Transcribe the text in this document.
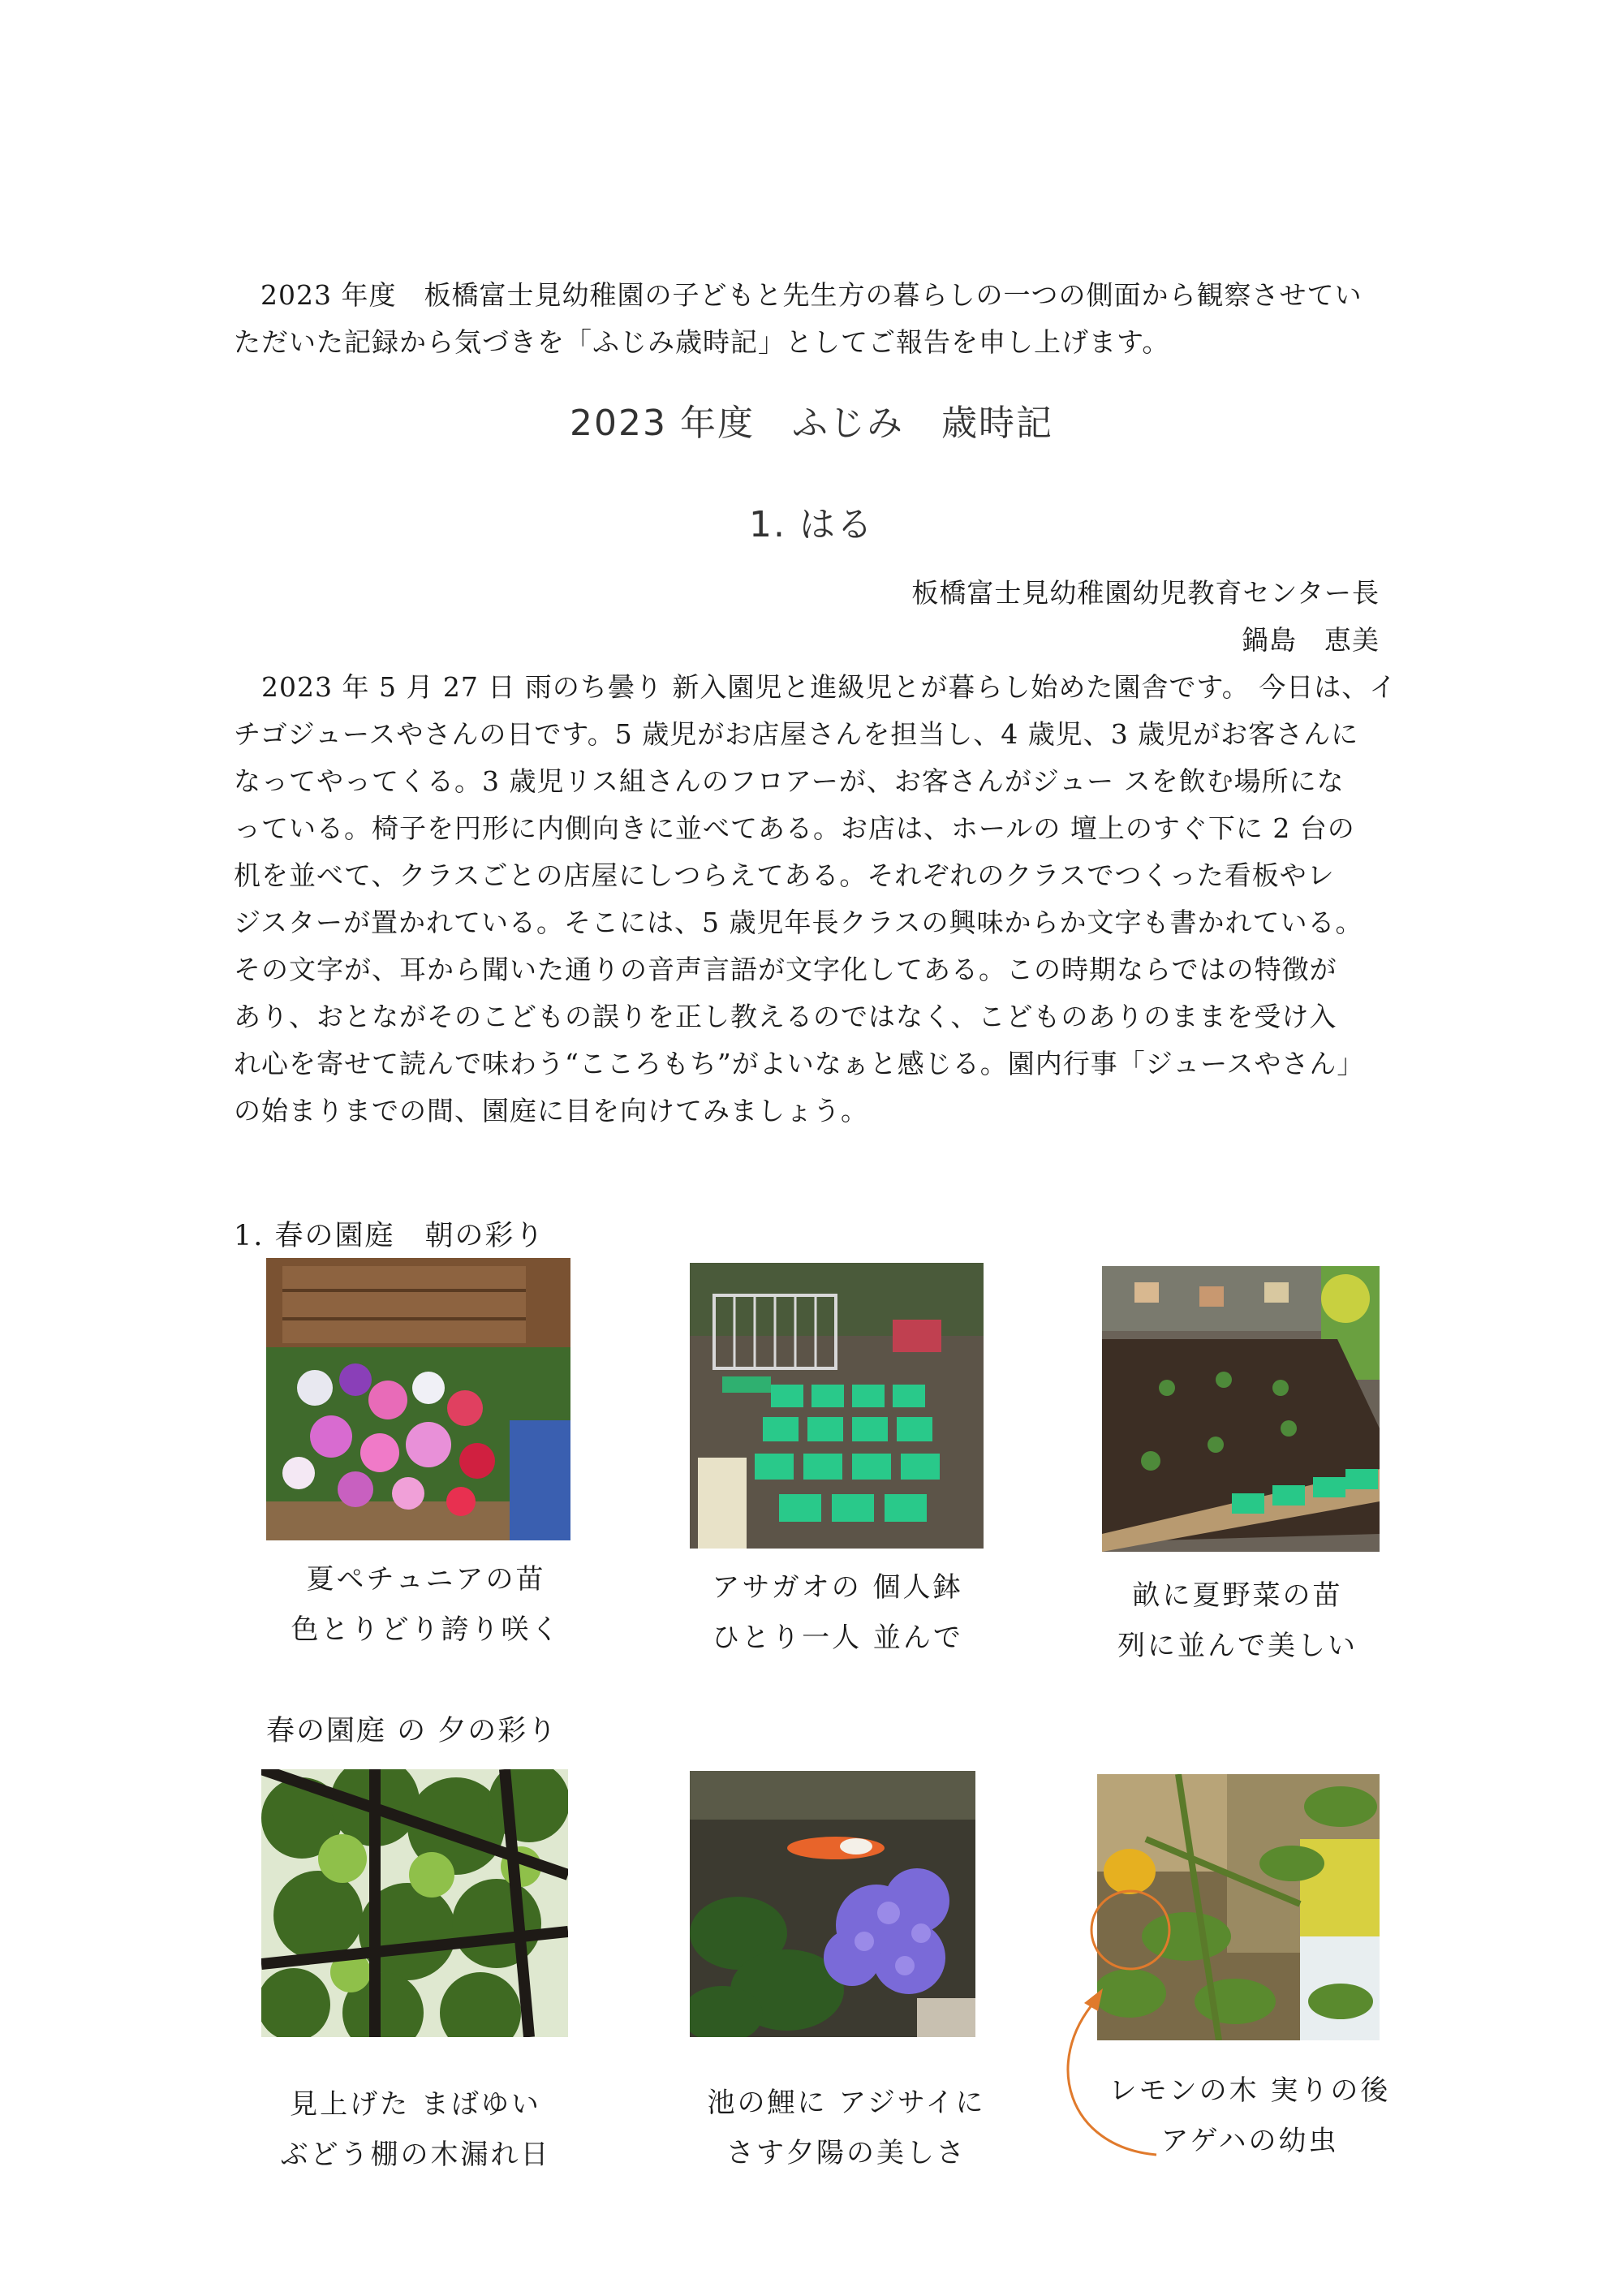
2023 年度　板橋富士見幼稚園の子どもと先生方の暮らしの一つの側面から観察させてい
ただいた記録から気づきを「ふじみ歳時記」としてご報告を申し上げます。
2023 年度　ふじみ　歳時記
1. はる
板橋富士見幼稚園幼児教育センター長
鍋島　恵美
　2023 年 5 月 27 日 雨のち曇り 新入園児と進級児とが暮らし始めた園舎です。 今日は、イ
チゴジュースやさんの日です。5 歳児がお店屋さんを担当し、4 歳児、3 歳児がお客さんに
なってやってくる。3 歳児リス組さんのフロアーが、お客さんがジュー スを飲む場所にな
っている。椅子を円形に内側向きに並べてある。お店は、ホールの 壇上のすぐ下に 2 台の
机を並べて、クラスごとの店屋にしつらえてある。それぞれのクラスでつくった看板やレ
ジスターが置かれている。そこには、5 歳児年長クラスの興味からか文字も書かれている。
その文字が、耳から聞いた通りの音声言語が文字化してある。この時期ならではの特徴が
あり、おとながそのこどもの誤りを正し教えるのではなく、こどものありのままを受け入
れ心を寄せて読んで味わう“こころもち”がよいなぁと感じる。園内行事「ジュースやさん」
の始まりまでの間、園庭に目を向けてみましょう。
1. 春の園庭　朝の彩り
夏ペチュニアの苗
色とりどり誇り咲く
アサガオの 個人鉢
ひとり一人 並んで
畝に夏野菜の苗
列に並んで美しい
春の園庭 の 夕の彩り
見上げた まばゆい
ぶどう棚の木漏れ日
池の鯉に アジサイに
さす夕陽の美しさ
レモンの木 実りの後
アゲハの幼虫
